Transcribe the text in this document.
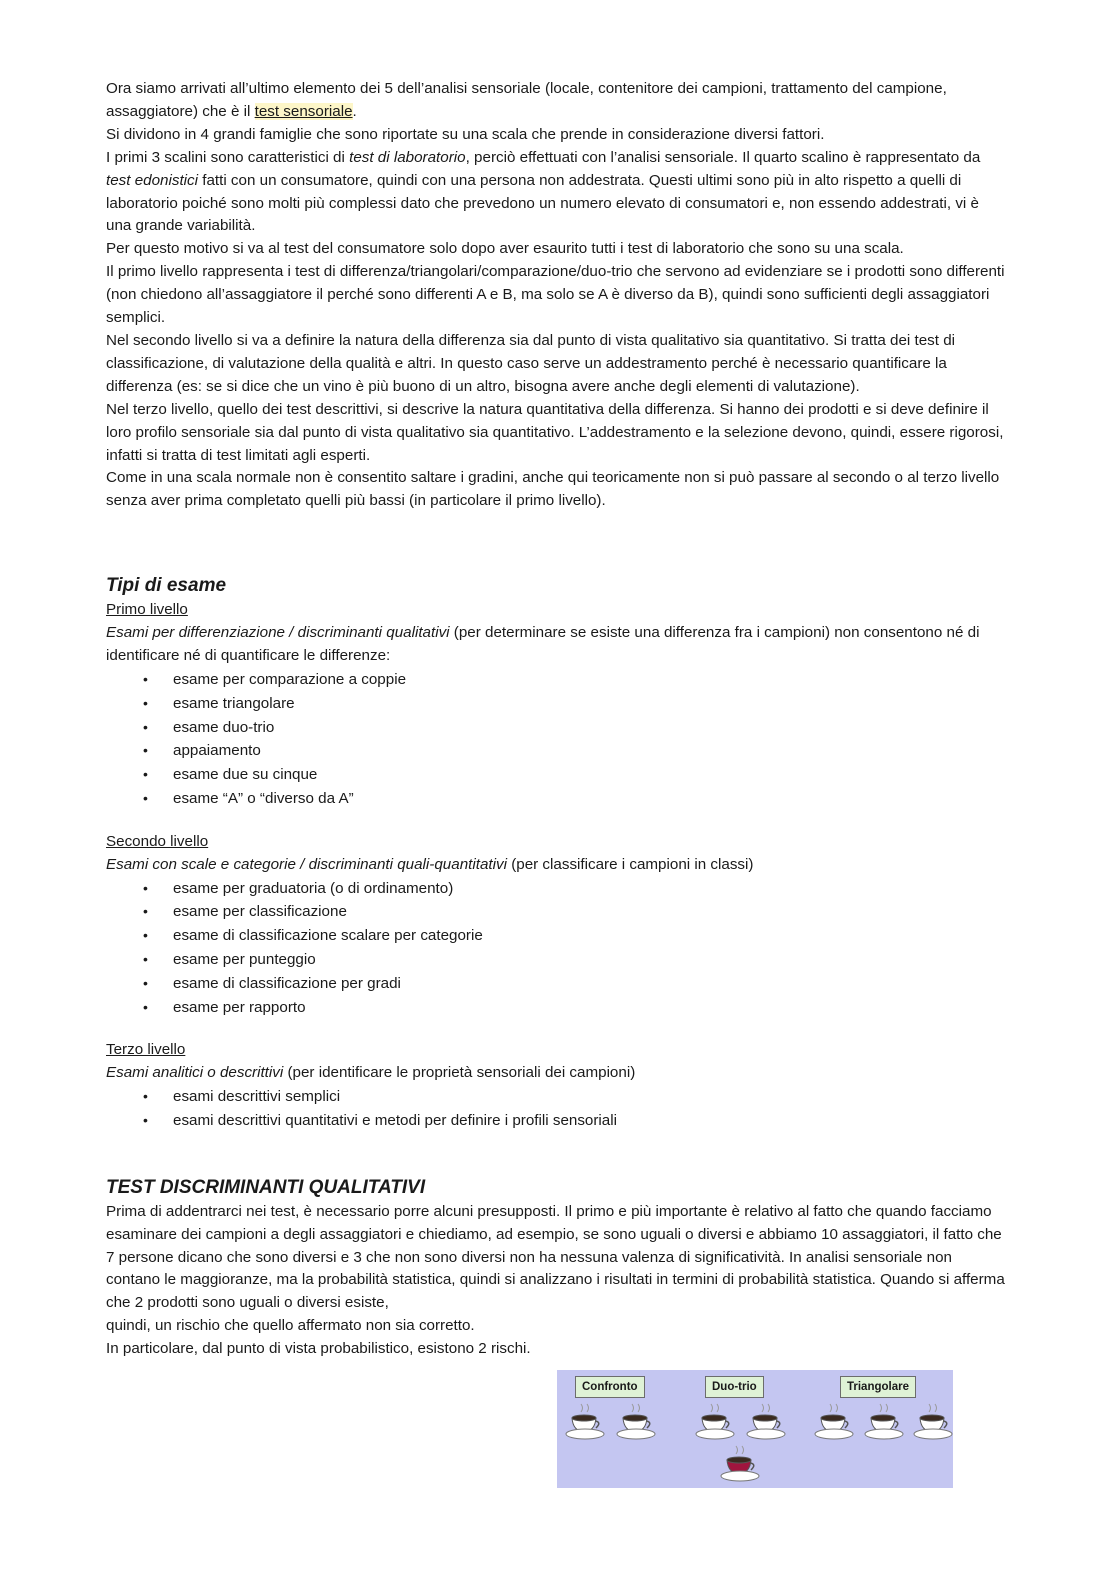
Ora siamo arrivati all’ultimo elemento dei 5 dell’analisi sensoriale (locale, contenitore dei campioni, trattamento del campione, assaggiatore) che è il test sensoriale.

Si dividono in 4 grandi famiglie che sono riportate su una scala che prende in considerazione diversi fattori.

I primi 3 scalini sono caratteristici di test di laboratorio, perciò effettuati con l’analisi sensoriale. Il quarto scalino è rappresentato da test edonistici fatti con un consumatore, quindi con una persona non addestrata. Questi ultimi sono più in alto rispetto a quelli di laboratorio poiché sono molti più complessi dato che prevedono un numero elevato di consumatori e, non essendo addestrati, vi è una grande variabilità.

Per questo motivo si va al test del consumatore solo dopo aver esaurito tutti i test di laboratorio che sono su una scala.

Il primo livello rappresenta i test di differenza/triangolari/comparazione/duo-trio che servono ad evidenziare se i prodotti sono differenti (non chiedono all’assaggiatore il perché sono differenti A e B, ma solo se A è diverso da B), quindi sono sufficienti degli assaggiatori semplici.

Nel secondo livello si va a definire la natura della differenza sia dal punto di vista qualitativo sia quantitativo. Si tratta dei test di classificazione, di valutazione della qualità e altri. In questo caso serve un addestramento perché è necessario quantificare la differenza (es: se si dice che un vino è più buono di un altro, bisogna avere anche degli elementi di valutazione).

Nel terzo livello, quello dei test descrittivi, si descrive la natura quantitativa della differenza. Si hanno dei prodotti e si deve definire il loro profilo sensoriale sia dal punto di vista qualitativo sia quantitativo. L’addestramento e la selezione devono, quindi, essere rigorosi, infatti si tratta di test limitati agli esperti.

Come in una scala normale non è consentito saltare i gradini, anche qui teoricamente non si può passare al secondo o al terzo livello senza aver prima completato quelli più bassi (in particolare il primo livello).

Tipi di esame

Primo livello

Esami per differenziazione / discriminanti qualitativi (per determinare se esiste una differenza fra i campioni) non consentono né di identificare né di quantificare le differenze:

• esame per comparazione a coppie
• esame triangolare
• esame duo-trio
• appaiamento
• esame due su cinque
• esame “A” o “diverso da A”

Secondo livello

Esami con scale e categorie / discriminanti quali-quantitativi (per classificare i campioni in classi)

• esame per graduatoria (o di ordinamento)
• esame per classificazione
• esame di classificazione scalare per categorie
• esame per punteggio
• esame di classificazione per gradi
• esame per rapporto

Terzo livello

Esami analitici o descrittivi (per identificare le proprietà sensoriali dei campioni)

• esami descrittivi semplici
• esami descrittivi quantitativi e metodi per definire i profili sensoriali
TEST DISCRIMINANTI QUALITATIVI

Prima di addentrarci nei test, è necessario porre alcuni presupposti. Il primo e più importante è relativo al fatto che quando facciamo esaminare dei campioni a degli assaggiatori e chiediamo, ad esempio, se sono uguali o diversi e abbiamo 10 assaggiatori, il fatto che 7 persone dicano che sono diversi e 3 che non sono diversi non ha nessuna valenza di significatività. In analisi sensoriale non contano le maggioranze, ma la probabilità statistica, quindi si analizzano i risultati in termini di probabilità statistica. Quando si afferma che 2 prodotti sono uguali o diversi esiste,

quindi, un rischio che quello affermato non sia corretto.

In particolare, dal punto di vista probabilistico, esistono 2 rischi.

Confronto	Duo-trio	Triangolare
